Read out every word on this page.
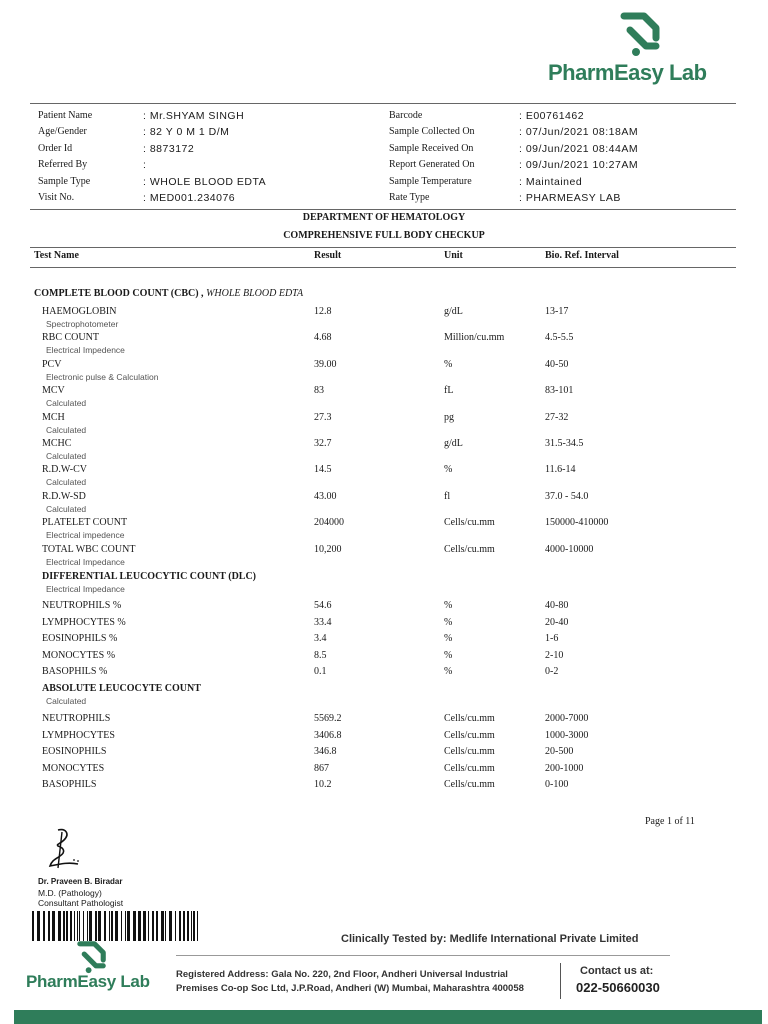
PharmEasy Lab
Patient Name	: Mr.SHYAM SINGH
Age/Gender	: 82 Y 0 M 1 D/M
Order Id	: 8873172
Referred By	:
Sample Type	: WHOLE BLOOD EDTA
Visit No.	: MED001.234076
Barcode	: E00761462
Sample Collected On	: 07/Jun/2021 08:18AM
Sample Received On	: 09/Jun/2021 08:44AM
Report Generated On	: 09/Jun/2021 10:27AM
Sample Temperature	: Maintained
Rate Type	: PHARMEASY LAB
DEPARTMENT OF HEMATOLOGY
COMPREHENSIVE FULL BODY CHECKUP
Test Name	Result	Unit	Bio. Ref. Interval
COMPLETE BLOOD COUNT (CBC) , WHOLE BLOOD EDTA
HAEMOGLOBIN	12.8	g/dL	13-17
Spectrophotometer
RBC COUNT	4.68	Million/cu.mm	4.5-5.5
Electrical Impedence
PCV	39.00	%	40-50
Electronic pulse & Calculation
MCV	83	fL	83-101
Calculated
MCH	27.3	pg	27-32
Calculated
MCHC	32.7	g/dL	31.5-34.5
Calculated
R.D.W-CV	14.5	%	11.6-14
Calculated
R.D.W-SD	43.00	fl	37.0 - 54.0
Calculated
PLATELET COUNT	204000	Cells/cu.mm	150000-410000
Electrical impedence
TOTAL WBC COUNT	10,200	Cells/cu.mm	4000-10000
Electrical Impedance
DIFFERENTIAL LEUCOCYTIC COUNT (DLC)
Electrical Impedance
NEUTROPHILS %	54.6	%	40-80
LYMPHOCYTES %	33.4	%	20-40
EOSINOPHILS %	3.4	%	1-6
MONOCYTES %	8.5	%	2-10
BASOPHILS %	0.1	%	0-2
ABSOLUTE LEUCOCYTE COUNT
Calculated
NEUTROPHILS	5569.2	Cells/cu.mm	2000-7000
LYMPHOCYTES	3406.8	Cells/cu.mm	1000-3000
EOSINOPHILS	346.8	Cells/cu.mm	20-500
MONOCYTES	867	Cells/cu.mm	200-1000
BASOPHILS	10.2	Cells/cu.mm	0-100
Page 1 of 11
Dr. Praveen B. Biradar
M.D. (Pathology)
Consultant Pathologist
Clinically Tested by: Medlife International Private Limited
PharmEasy Lab	Registered Address: Gala No. 220, 2nd Floor, Andheri Universal Industrial
Premises Co-op Soc Ltd, J.P.Road, Andheri (W) Mumbai, Maharashtra 400058
Contact us at:
022-50660030
